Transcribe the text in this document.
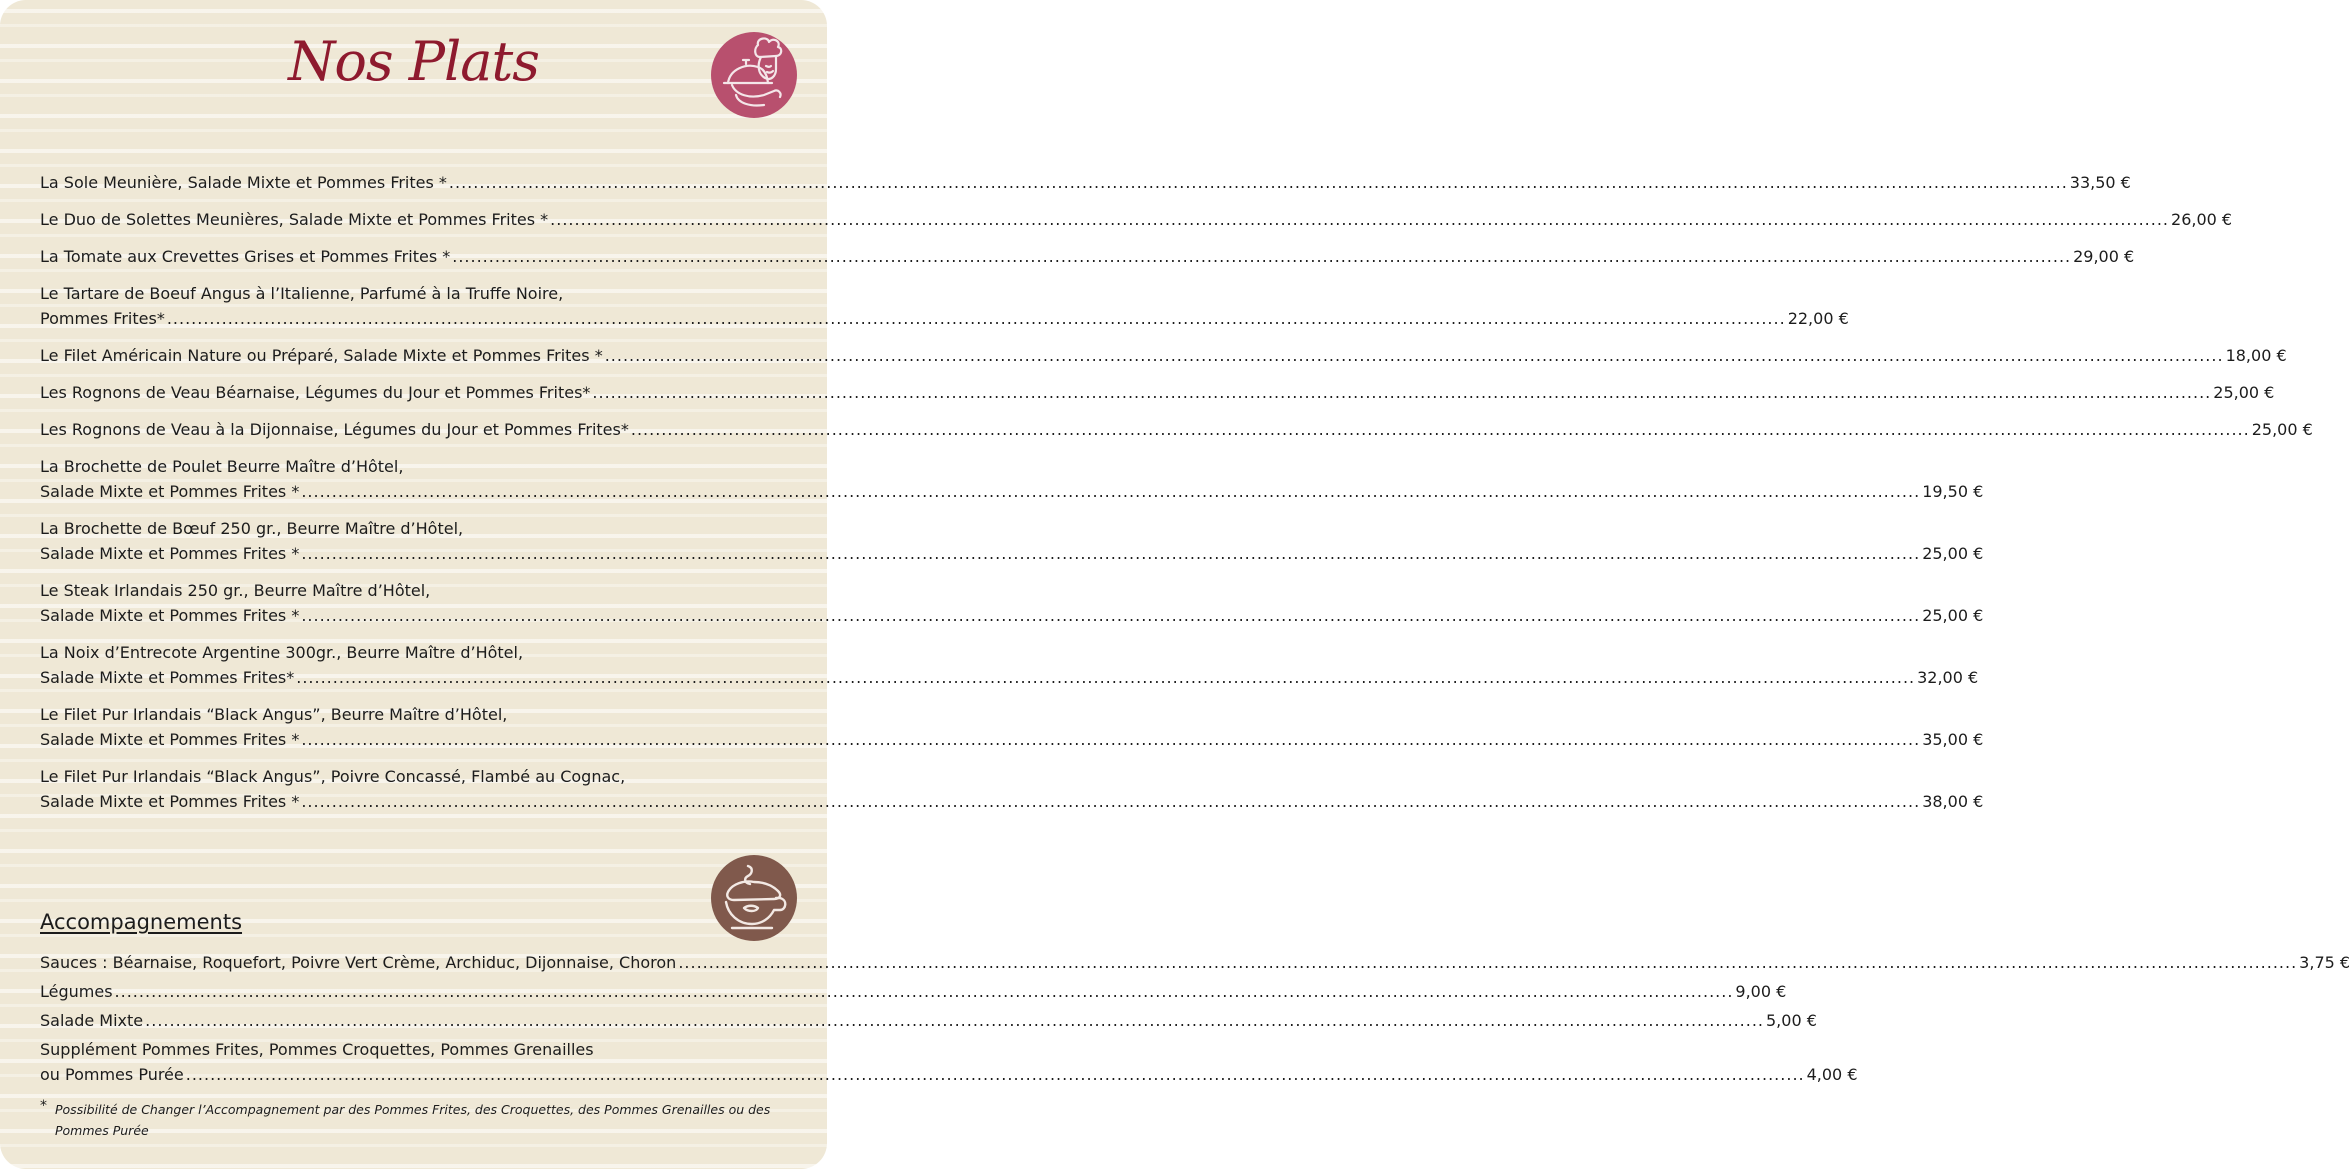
Nos Plats
La Sole Meunière, Salade Mixte et Pommes Frites * .......................................................................................................................................................................................................................................................................... 33,50 €
Le Duo de Solettes Meunières, Salade Mixte et Pommes Frites * .......................................................................................................................................................................................................................................................................... 26,00 €
La Tomate aux Crevettes Grises et Pommes Frites * .......................................................................................................................................................................................................................................................................... 29,00 €
Le Tartare de Boeuf Angus à l’Italienne, Parfumé à la Truffe Noire,
Pommes Frites* .......................................................................................................................................................................................................................................................................... 22,00 €
Le Filet Américain Nature ou Préparé, Salade Mixte et Pommes Frites * .......................................................................................................................................................................................................................................................................... 18,00 €
Les Rognons de Veau Béarnaise, Légumes du Jour et Pommes Frites* .......................................................................................................................................................................................................................................................................... 25,00 €
Les Rognons de Veau à la Dijonnaise, Légumes du Jour et Pommes Frites* .......................................................................................................................................................................................................................................................................... 25,00 €
La Brochette de Poulet Beurre Maître d’Hôtel,
Salade Mixte et Pommes Frites * .......................................................................................................................................................................................................................................................................... 19,50 €
La Brochette de Bœuf 250 gr., Beurre Maître d’Hôtel,
Salade Mixte et Pommes Frites * .......................................................................................................................................................................................................................................................................... 25,00 €
Le Steak Irlandais 250 gr., Beurre Maître d’Hôtel,
Salade Mixte et Pommes Frites * .......................................................................................................................................................................................................................................................................... 25,00 €
La Noix d’Entrecote Argentine 300gr., Beurre Maître d’Hôtel,
Salade Mixte et Pommes Frites* .......................................................................................................................................................................................................................................................................... 32,00 €
Le Filet Pur Irlandais “Black Angus”, Beurre Maître d’Hôtel,
Salade Mixte et Pommes Frites * .......................................................................................................................................................................................................................................................................... 35,00 €
Le Filet Pur Irlandais “Black Angus”, Poivre Concassé, Flambé au Cognac,
Salade Mixte et Pommes Frites * .......................................................................................................................................................................................................................................................................... 38,00 €
Accompagnements
Sauces : Béarnaise, Roquefort, Poivre Vert Crème, Archiduc, Dijonnaise, Choron .......................................................................................................................................................................................................................................................................... 3,75 €
Légumes .......................................................................................................................................................................................................................................................................... 9,00 €
Salade Mixte .......................................................................................................................................................................................................................................................................... 5,00 €
Supplément Pommes Frites, Pommes Croquettes, Pommes Grenailles
ou Pommes Purée .......................................................................................................................................................................................................................................................................... 4,00 €
* Possibilité de Changer l’Accompagnement par des Pommes Frites, des Croquettes, des Pommes Grenailles ou des Pommes Purée
